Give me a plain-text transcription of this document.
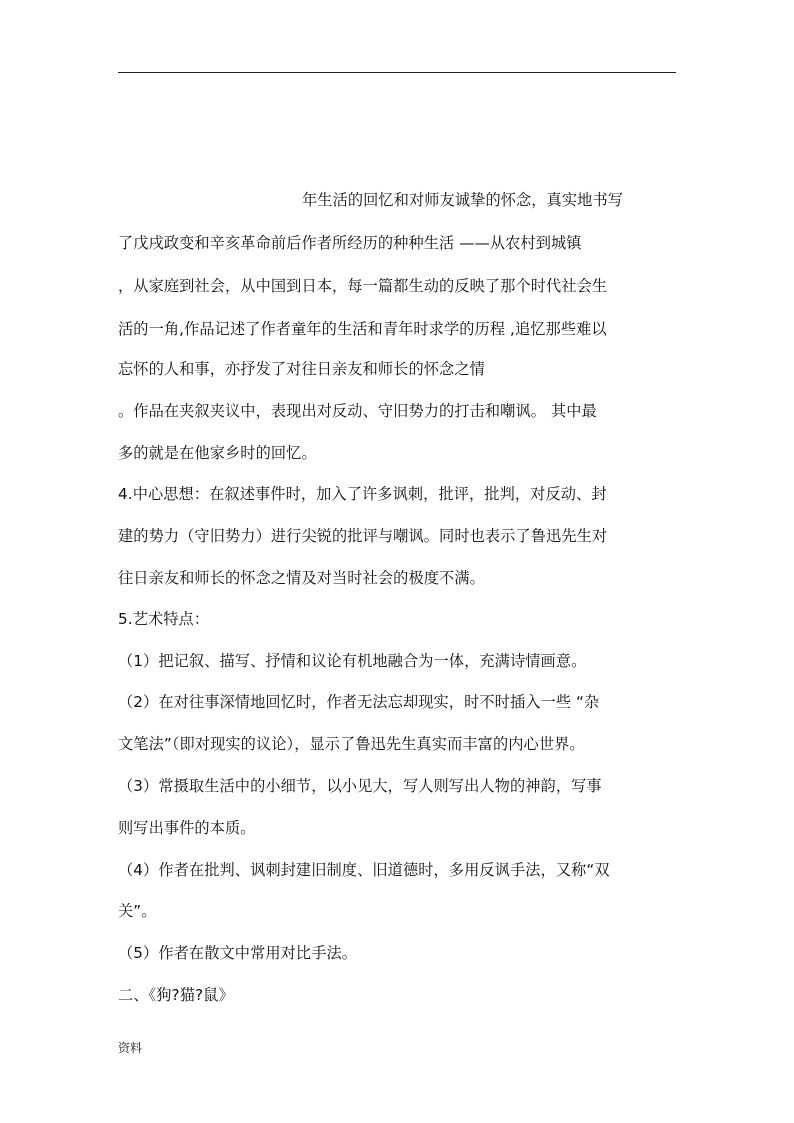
年生活的回忆和对师友诚挚的怀念，真实地书写
了戊戌政变和辛亥革命前后作者所经历的种种生活 ——从农村到城镇
，从家庭到社会，从中国到日本，每一篇都生动的反映了那个时代社会生
活的一角,作品记述了作者童年的生活和青年时求学的历程 ,追忆那些难以
忘怀的人和事，亦抒发了对往日亲友和师长的怀念之情
。作品在夹叙夹议中，表现出对反动、守旧势力的打击和嘲讽。 其中最
多的就是在他家乡时的回忆。
4.中心思想：在叙述事件时，加入了许多讽刺，批评，批判，对反动、封
建的势力（守旧势力）进行尖锐的批评与嘲讽。同时也表示了鲁迅先生对
往日亲友和师长的怀念之情及对当时社会的极度不满。
5.艺术特点：
（1）把记叙、描写、抒情和议论有机地融合为一体，充满诗情画意。
（2）在对往事深情地回忆时，作者无法忘却现实，时不时插入一些 “杂
文笔法”（即对现实的议论），显示了鲁迅先生真实而丰富的内心世界。
（3）常摄取生活中的小细节，以小见大，写人则写出人物的神韵，写事
则写出事件的本质。
（4）作者在批判、讽刺封建旧制度、旧道德时，多用反讽手法，又称“双
关”。
（5）作者在散文中常用对比手法。
二、《狗?猫?鼠》
资料
